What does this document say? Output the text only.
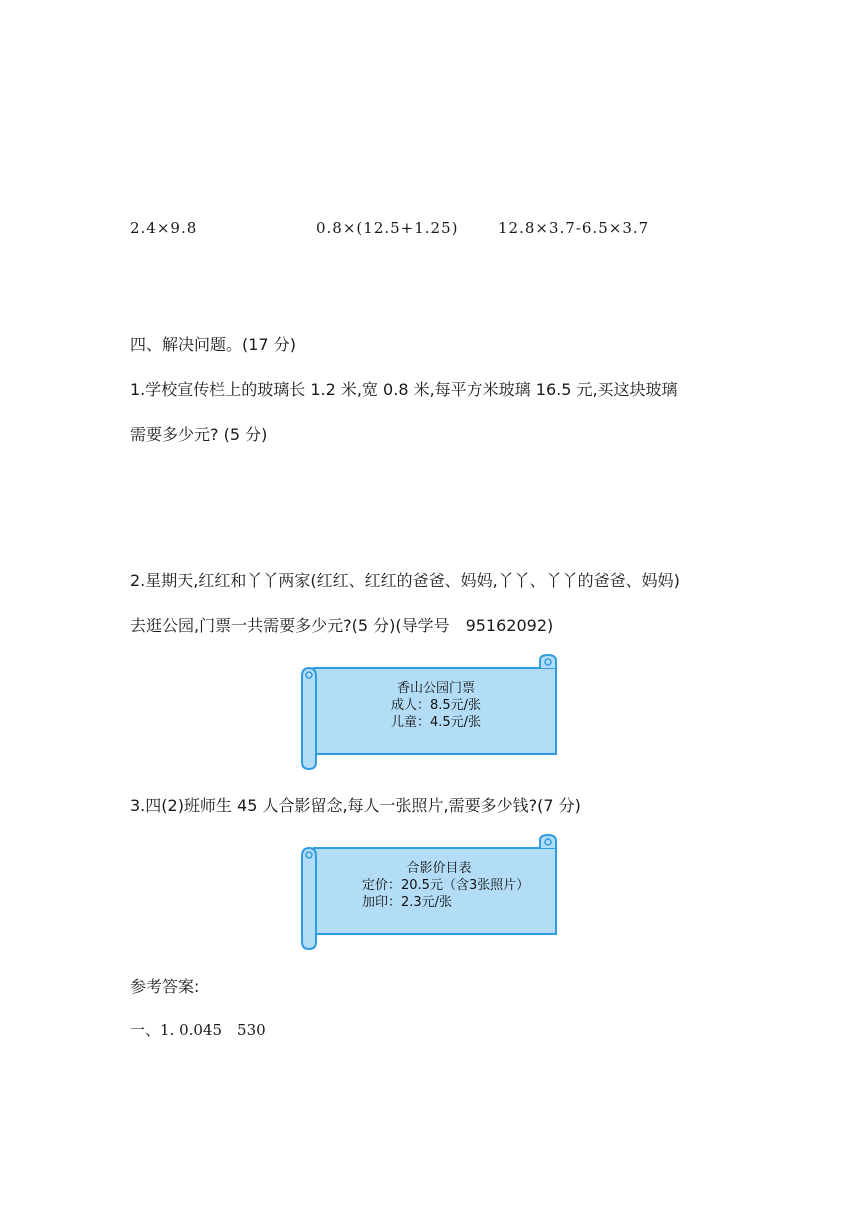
2.4×9.8	0.8×(12.5+1.25)	12.8×3.7-6.5×3.7
四、解决问题。(17 分)
1.学校宣传栏上的玻璃长 1.2 米,宽 0.8 米,每平方米玻璃 16.5 元,买这块玻璃
需要多少元? (5 分)
2.星期天,红红和丫丫两家(红红、红红的爸爸、妈妈,丫丫、丫丫的爸爸、妈妈)
去逛公园,门票一共需要多少元?(5 分)(导学号　95162092)
香山公园门票
成人：8.5元/张
儿童：4.5元/张
3.四(2)班师生 45 人合影留念,每人一张照片,需要多少钱?(7 分)
合影价目表
定价：20.5元（含3张照片）
加印：2.3元/张
参考答案:
一、1. 0.045　530
